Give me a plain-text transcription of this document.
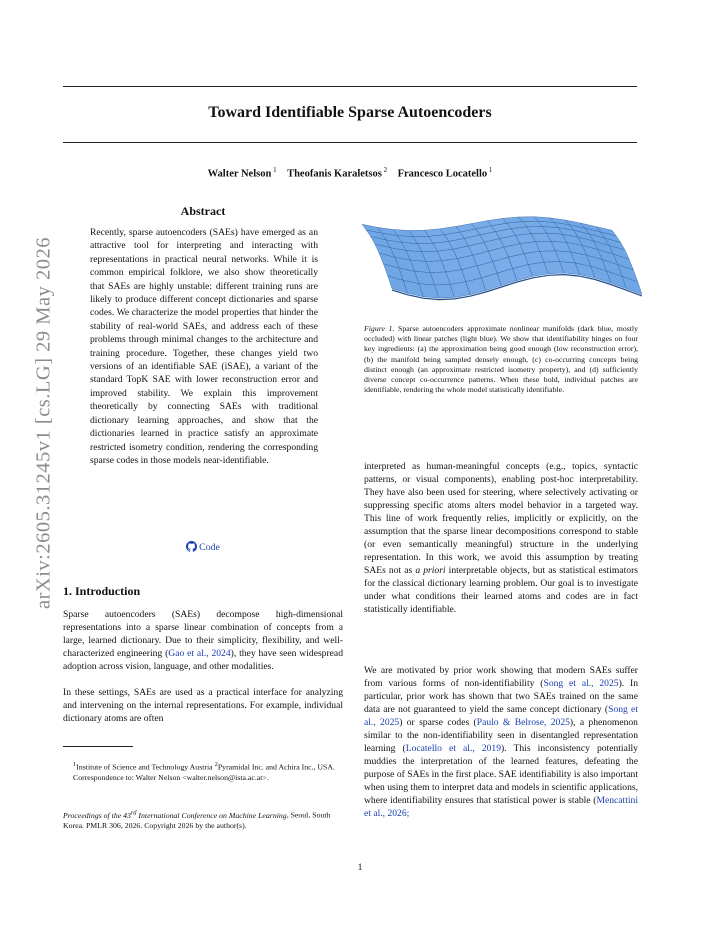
Toward Identifiable Sparse Autoencoders
Walter Nelson $^1$  Theofanis Karaletsos $^2$  Francesco Locatello $^1$
arXiv:2605.31245v1 [cs.LG] 29 May 2026
Abstract
Recently, sparse autoencoders (SAEs) have emerged as an attractive tool for interpreting and interacting with representations in practical neural networks. While it is common empirical folklore, we also show theoretically that SAEs are highly unstable: different training runs are likely to produce different concept dictionaries and sparse codes. We characterize the model properties that hinder the stability of real-world SAEs, and address each of these problems through minimal changes to the architecture and training procedure. Together, these changes yield two versions of an identifiable SAE (iSAE), a variant of the standard TopK SAE with lower reconstruction error and improved stability. We explain this improvement theoretically by connecting SAEs with traditional dictionary learning approaches, and show that the dictionaries learned in practice satisfy an approximate restricted isometry condition, rendering the corresponding sparse codes in those models near-identifiable.
Code
1. Introduction
Sparse autoencoders (SAEs) decompose high-dimensional representations into a sparse linear combination of concepts from a large, learned dictionary. Due to their simplicity, flexibility, and well-characterized engineering (Gao et al., 2024), they have seen widespread adoption across vision, language, and other modalities.
In these settings, SAEs are used as a practical interface for analyzing and intervening on the internal representations. For example, individual dictionary atoms are often
$^1$Institute of Science and Technology Austria $^2$Pyramidal Inc. and Achira Inc., USA. Correspondence to: Walter Nelson <walter.nelson@ista.ac.at>.
Proceedings of the 43rd International Conference on Machine Learning, Seoul, South Korea. PMLR 306, 2026. Copyright 2026 by the author(s).
Figure 1. Sparse autoencoders approximate nonlinear manifolds (dark blue, mostly occluded) with linear patches (light blue). We show that identifiability hinges on four key ingredients: (a) the approximation being good enough (low reconstruction error), (b) the manifold being sampled densely enough, (c) co-occurring concepts being distinct enough (an approximate restricted isometry property), and (d) sufficiently diverse concept co-occurrence patterns. When these hold, individual patches are identifiable, rendering the whole model statistically identifiable.
interpreted as human-meaningful concepts (e.g., topics, syntactic patterns, or visual components), enabling post-hoc interpretability. They have also been used for steering, where selectively activating or suppressing specific atoms alters model behavior in a targeted way. This line of work frequently relies, implicitly or explicitly, on the assumption that the sparse linear decompositions correspond to stable (or even semantically meaningful) structure in the underlying representation. In this work, we avoid this assumption by treating SAEs not as a priori interpretable objects, but as statistical estimators for the classical dictionary learning problem. Our goal is to investigate under what conditions their learned atoms and codes are in fact statistically identifiable.
We are motivated by prior work showing that modern SAEs suffer from various forms of non-identifiability (Song et al., 2025). In particular, prior work has shown that two SAEs trained on the same data are not guaranteed to yield the same concept dictionary (Song et al., 2025) or sparse codes (Paulo & Belrose, 2025), a phenomenon similar to the non-identifiability seen in disentangled representation learning (Locatello et al., 2019). This inconsistency potentially muddies the interpretation of the learned features, defeating the purpose of SAEs in the first place. SAE identifiability is also important when using them to interpret data and models in scientific applications, where identifiability ensures that statistical power is stable (Mencattini et al., 2026;
1
